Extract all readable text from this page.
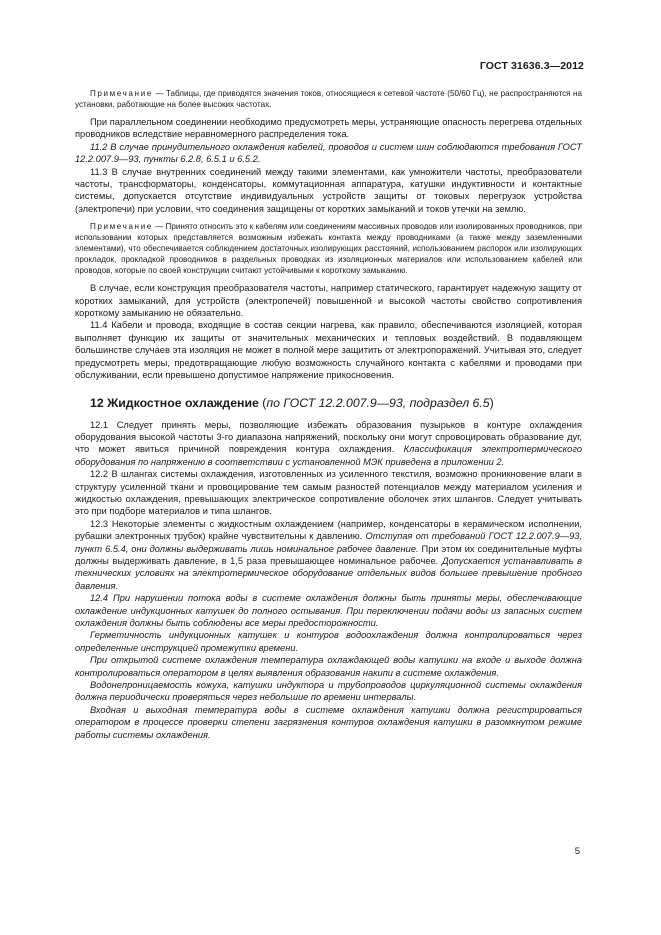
ГОСТ 31636.3—2012

Примечание — Таблицы, где приводятся значения токов, относящиеся к сетевой частоте (50/60 Гц), не распространяются на установки, работающие на более высоких частотах.

При параллельном соединении необходимо предусмотреть меры, устраняющие опасность перегрева отдельных проводников вследствие неравномерного распределения тока.

11.2 В случае принудительного охлаждения кабелей, проводов и систем шин соблюдаются требования ГОСТ 12.2.007.9—93, пункты 6.2.8, 6.5.1 и 6.5.2.

11.3 В случае внутренних соединений между такими элементами, как умножители частоты, преобразователи частоты, трансформаторы, конденсаторы, коммутационная аппаратура, катушки индуктивности и контактные системы, допускается отсутствие индивидуальных устройств защиты от токовых перегрузок устройства (электропечи) при условии, что соединения защищены от коротких замыканий и токов утечки на землю.

Примечание — Принято относить это к кабелям или соединениям массивных проводов или изолированных проводников, при использовании которых представляется возможным избежать контакта между проводниками (а также между заземленными элементами), что обеспечивается соблюдением достаточных изолирующих расстояний, использованием распорок или изолирующих прокладок, прокладкой проводников в раздельных проводках из изоляционных материалов или использованием кабелей или проводов, которые по своей конструкции считают устойчивыми к короткому замыканию.

В случае, если конструкция преобразователя частоты, например статического, гарантирует надежную защиту от коротких замыканий, для устройств (электропечей) повышенной и высокой частоты свойство сопротивления короткому замыканию не обязательно.

11.4 Кабели и провода, входящие в состав секции нагрева, как правило, обеспечиваются изоляцией, которая выполняет функцию их защиты от значительных механических и тепловых воздействий. В подавляющем большинстве случаев эта изоляция не может в полной мере защитить от электропоражений. Учитывая это, следует предусмотреть меры, предотвращающие любую возможность случайного контакта с кабелями и проводами при обслуживании, если превышено допустимое напряжение прикосновения.

12 Жидкостное охлаждение (по ГОСТ 12.2.007.9—93, подраздел 6.5)

12.1 Следует принять меры, позволяющие избежать образования пузырьков в контуре охлаждения оборудования высокой частоты 3-го диапазона напряжений, поскольку они могут спровоцировать образование дуг, что может явиться причиной повреждения контура охлаждения. Классификация электротермического оборудования по напряжению в соответствии с установленной МЭК приведена в приложении 2.

12.2 В шлангах системы охлаждения, изготовленных из усиленного текстиля, возможно проникновение влаги в структуру усиленной ткани и провоцирование тем самым разностей потенциалов между материалом усиления и жидкостью охлаждения, превышающих электрическое сопротивление оболочек этих шлангов. Следует учитывать это при подборе материалов и типа шлангов.

12.3 Некоторые элементы с жидкостным охлаждением (например, конденсаторы в керамическом исполнении, рубашки электронных трубок) крайне чувствительны к давлению. Отступая от требований ГОСТ 12.2.007.9—93, пункт 6.5.4, они должны выдерживать лишь номинальное рабочее давление. При этом их соединительные муфты должны выдерживать давление, в 1,5 раза превышающее номинальное рабочее. Допускается устанавливать в технических условиях на электротермическое оборудование отдельных видов большее превышение пробного давления.

12.4 При нарушении потока воды в системе охлаждения должны быть приняты меры, обеспечивающие охлаждение индукционных катушек до полного остывания. При переключении подачи воды из запасных систем охлаждения должны быть соблюдены все меры предосторожности.

Герметичность индукционных катушек и контуров водоохлаждения должна контролироваться через определенные инструкцией промежутки времени.

При открытой системе охлаждения температура охлаждающей воды катушки на входе и выходе должна контролироваться оператором в целях выявления образования накипи в системе охлаждения.

Водонепроницаемость кожуха, катушки индуктора и трубопроводов циркуляционной системы охлаждения должна периодически проверяться через небольшие по времени интервалы.

Входная и выходная температура воды в системе охлаждения катушки должна регистрироваться оператором в процессе проверки степени загрязнения контуров охлаждения катушки в разомкнутом режиме работы системы охлаждения.

5
